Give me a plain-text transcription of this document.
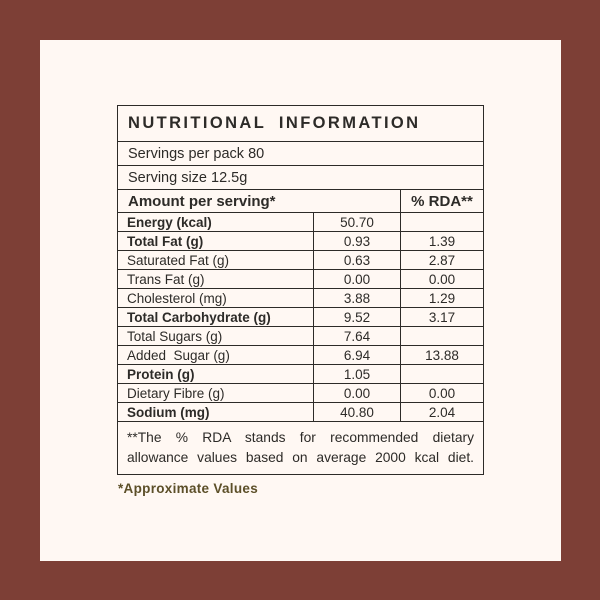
NUTRITIONAL INFORMATION		
Servings per pack 80		
Serving size 12.5g		
Amount per serving*		% RDA**
Energy (kcal)	50.70	
Total Fat (g)	0.93	1.39
Saturated Fat (g)	0.63	2.87
Trans Fat (g)	0.00	0.00
Cholesterol (mg)	3.88	1.29
Total Carbohydrate (g)	9.52	3.17
Total Sugars (g)	7.64	
Added  Sugar (g)	6.94	13.88
Protein (g)	1.05	
Dietary Fibre (g)	0.00	0.00
Sodium (mg)	40.80	2.04

**The % RDA stands for recommended dietary
allowance values based on average 2000 kcal diet.		
*Approximate Values
